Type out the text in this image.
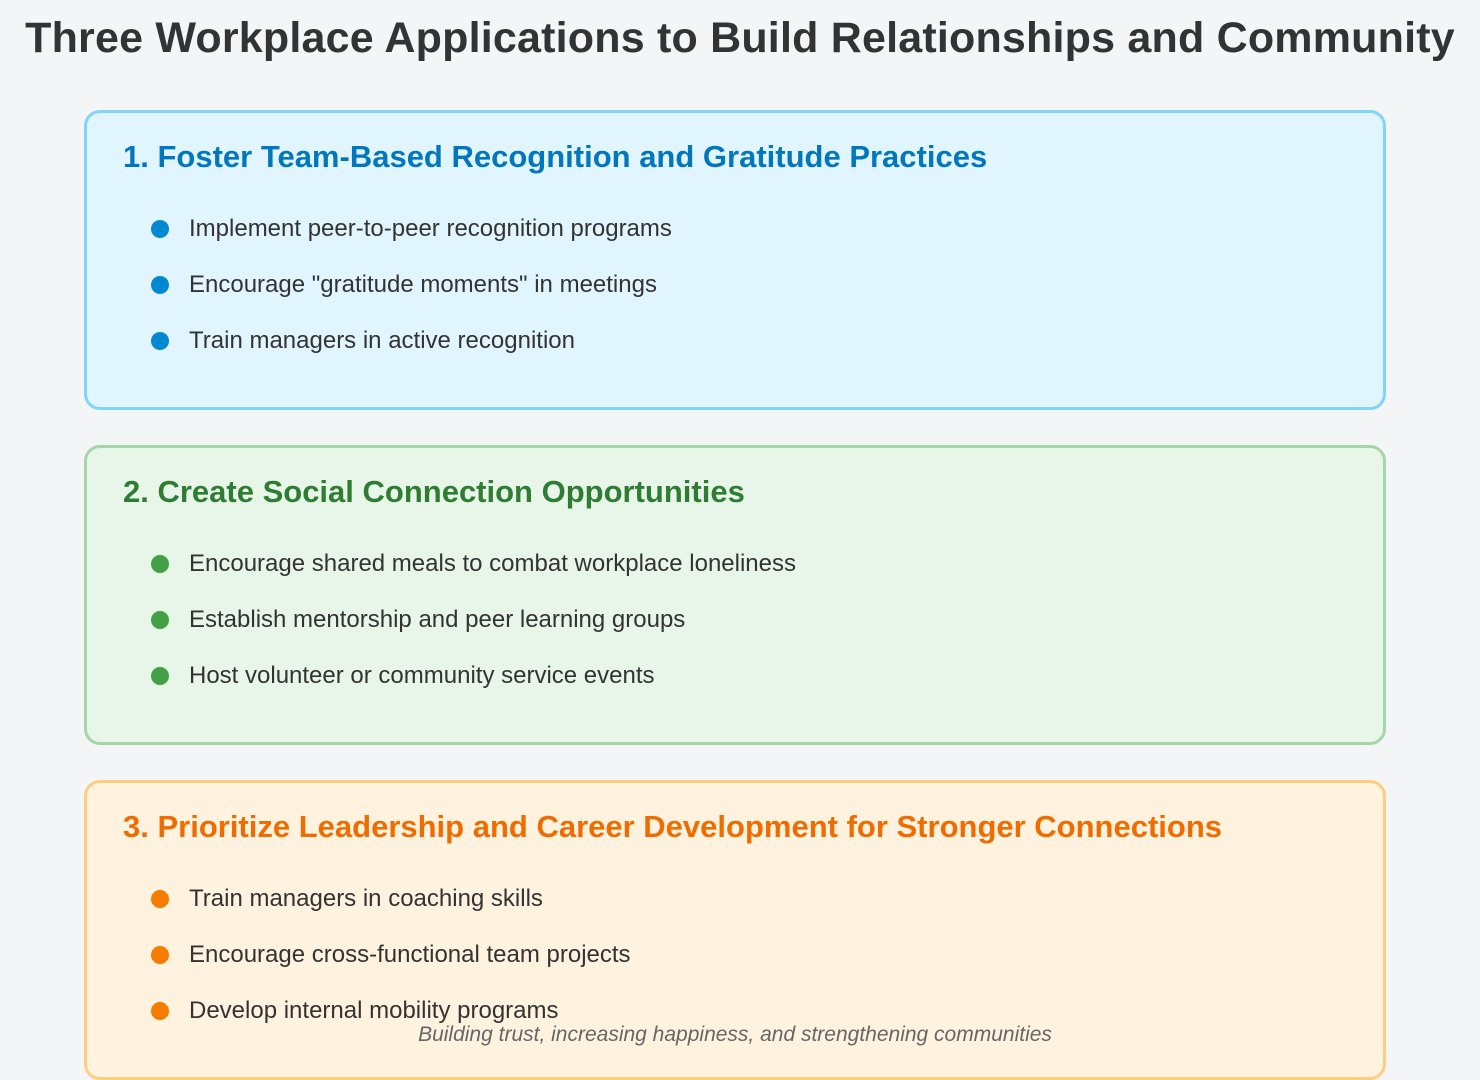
Three Workplace Applications to Build Relationships and Community
1. Foster Team-Based Recognition and Gratitude Practices
Implement peer-to-peer recognition programs
Encourage "gratitude moments" in meetings
Train managers in active recognition
2. Create Social Connection Opportunities
Encourage shared meals to combat workplace loneliness
Establish mentorship and peer learning groups
Host volunteer or community service events
3. Prioritize Leadership and Career Development for Stronger Connections
Train managers in coaching skills
Encourage cross-functional team projects
Develop internal mobility programs

Building trust, increasing happiness, and strengthening communities
